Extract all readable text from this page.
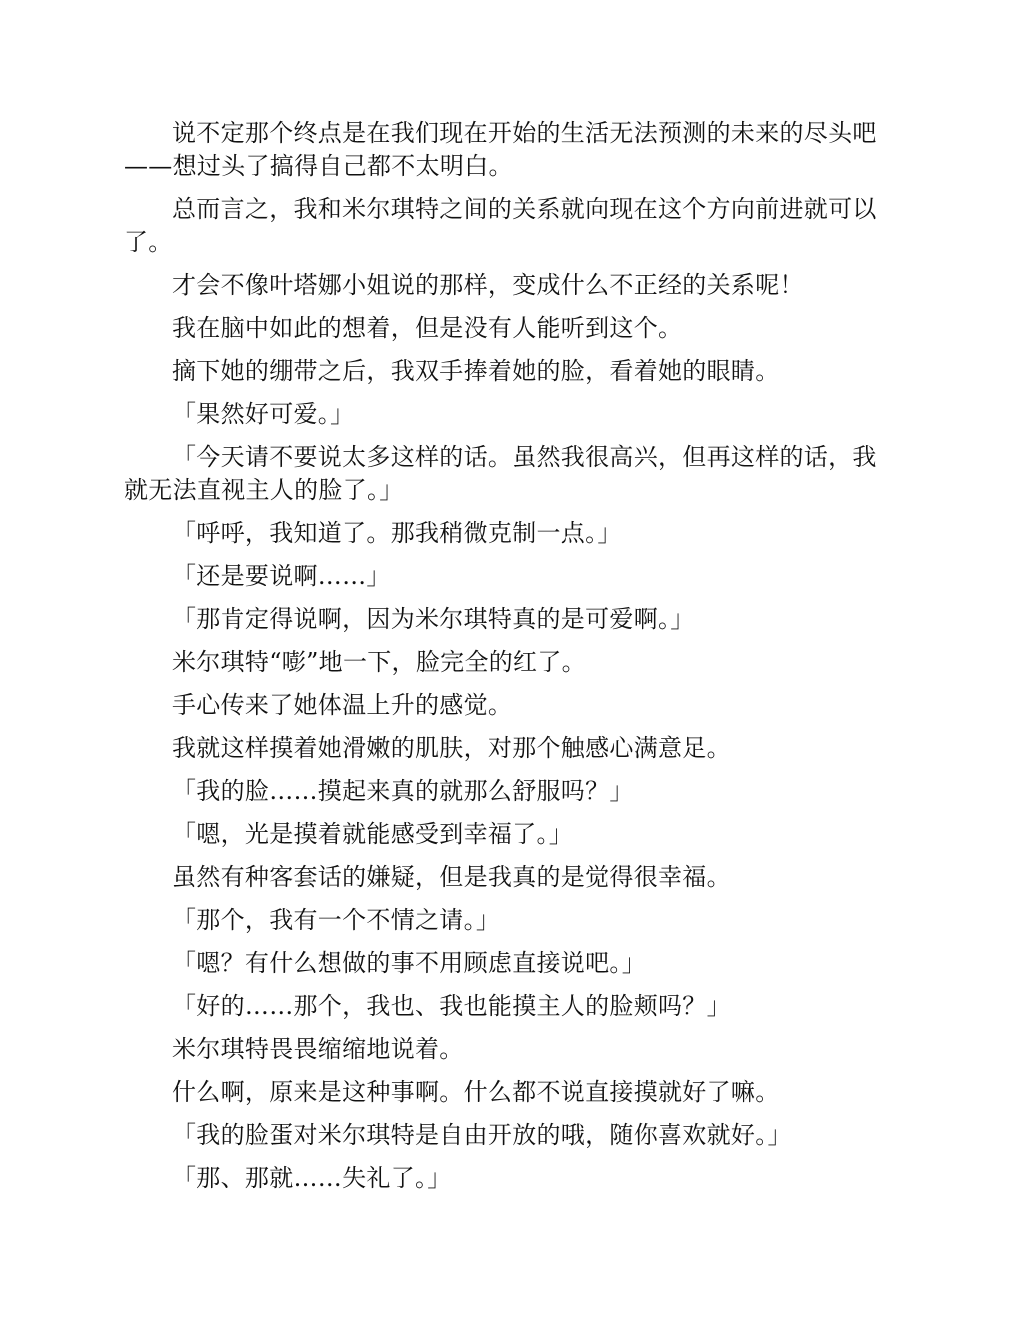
说不定那个终点是在我们现在开始的生活无法预测的未来的尽头吧——想过头了搞得自己都不太明白。

总而言之，我和米尔琪特之间的关系就向现在这个方向前进就可以了。

才会不像叶塔娜小姐说的那样，变成什么不正经的关系呢！

我在脑中如此的想着，但是没有人能听到这个。

摘下她的绷带之后，我双手捧着她的脸，看着她的眼睛。

「果然好可爱。」

「今天请不要说太多这样的话。虽然我很高兴，但再这样的话，我就无法直视主人的脸了。」

「呼呼，我知道了。那我稍微克制一点。」

「还是要说啊……」

「那肯定得说啊，因为米尔琪特真的是可爱啊。」

米尔琪特“嘭”地一下，脸完全的红了。

手心传来了她体温上升的感觉。

我就这样摸着她滑嫩的肌肤，对那个触感心满意足。

「我的脸……摸起来真的就那么舒服吗？」

「嗯，光是摸着就能感受到幸福了。」

虽然有种客套话的嫌疑，但是我真的是觉得很幸福。

「那个，我有一个不情之请。」

「嗯？有什么想做的事不用顾虑直接说吧。」

「好的……那个，我也、我也能摸主人的脸颊吗？」

米尔琪特畏畏缩缩地说着。

什么啊，原来是这种事啊。什么都不说直接摸就好了嘛。

「我的脸蛋对米尔琪特是自由开放的哦，随你喜欢就好。」

「那、那就……失礼了。」
